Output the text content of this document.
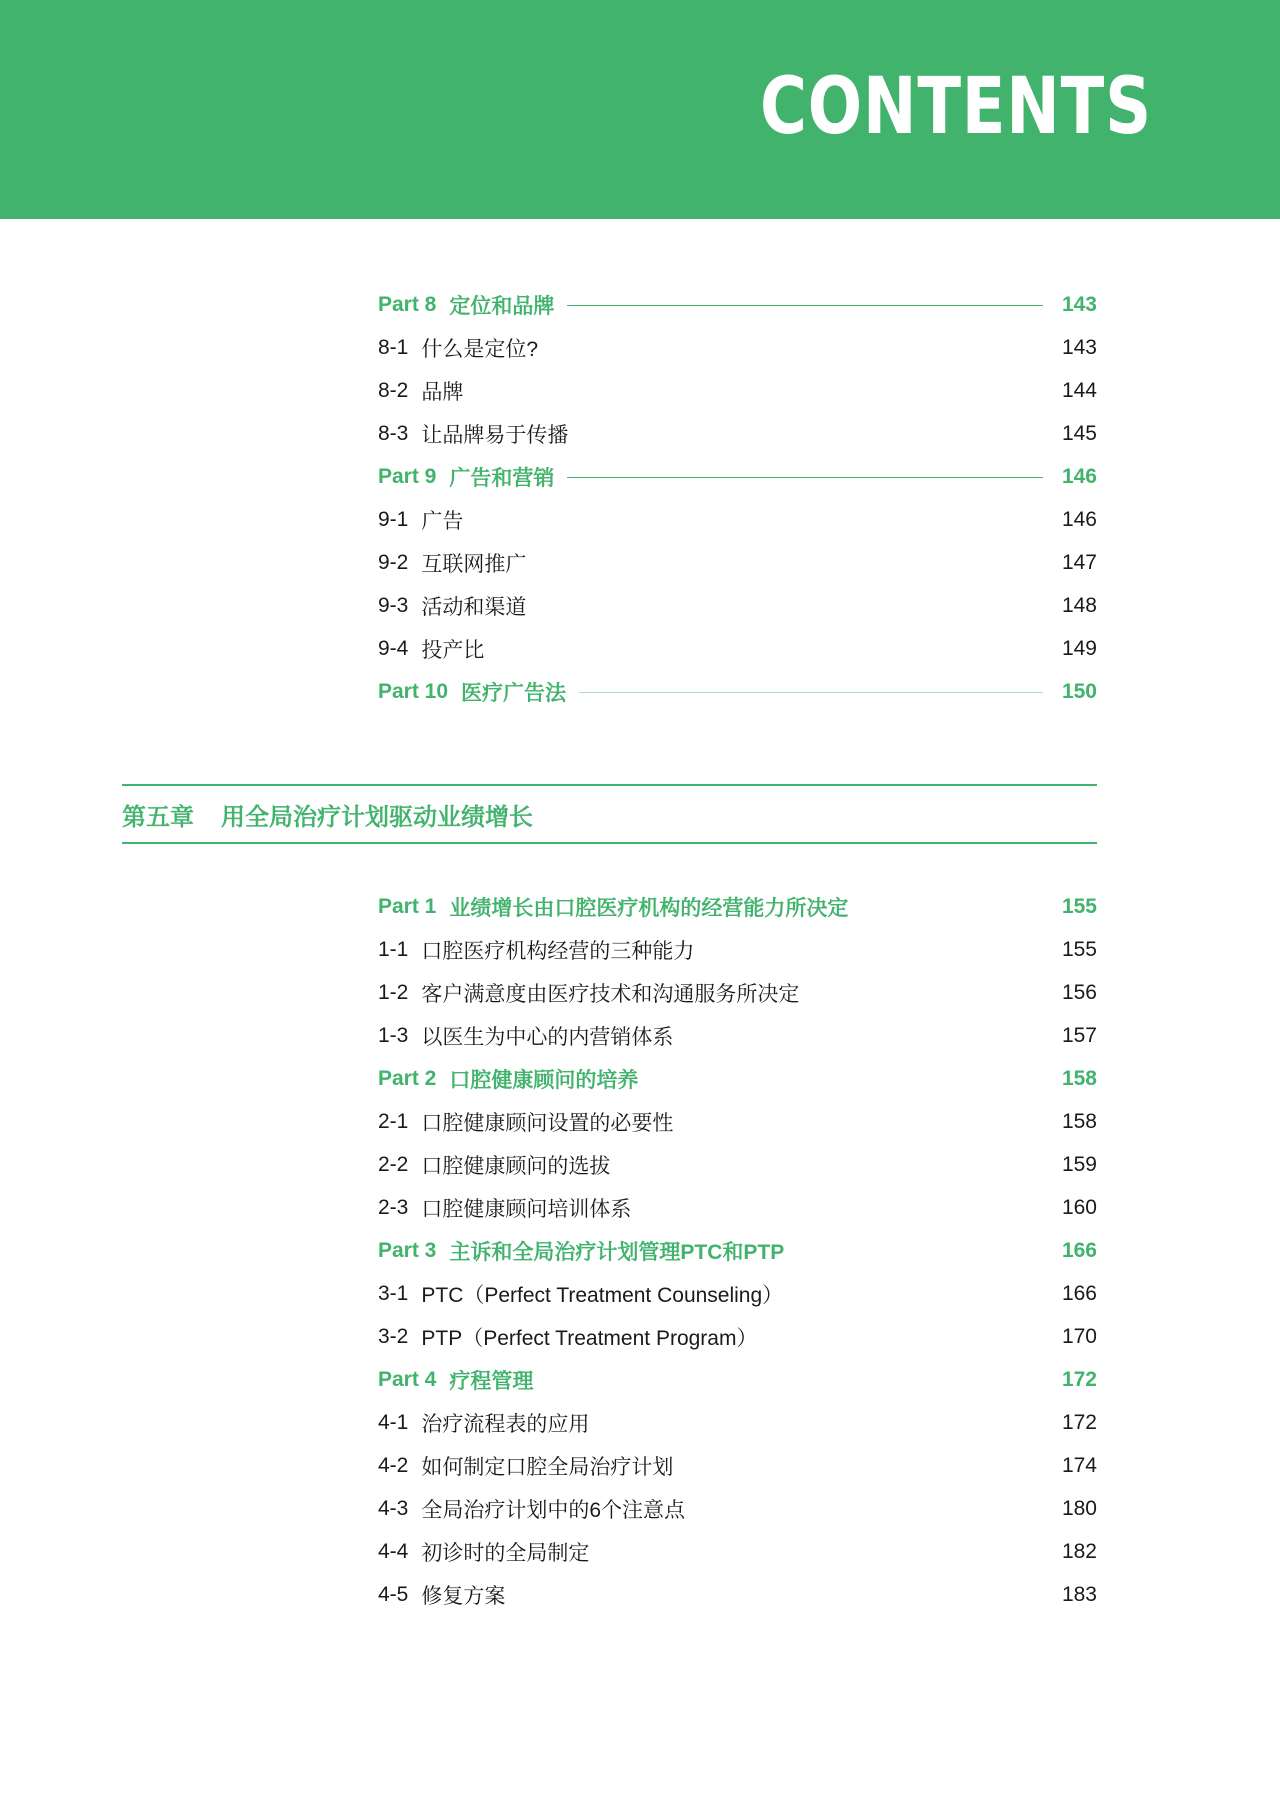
CONTENTS
Part 8 定位和品牌	143
8-1 什么是定位?	143
8-2 品牌	144
8-3 让品牌易于传播	145
Part 9 广告和营销	146
9-1 广告	146
9-2 互联网推广	147
9-3 活动和渠道	148
9-4 投产比	149
Part 10 医疗广告法	150
第五章 用全局治疗计划驱动业绩增长
Part 1 业绩增长由口腔医疗机构的经营能力所决定	155
1-1 口腔医疗机构经营的三种能力	155
1-2 客户满意度由医疗技术和沟通服务所决定	156
1-3 以医生为中心的内营销体系	157
Part 2 口腔健康顾问的培养	158
2-1 口腔健康顾问设置的必要性	158
2-2 口腔健康顾问的选拔	159
2-3 口腔健康顾问培训体系	160
Part 3 主诉和全局治疗计划管理PTC和PTP	166
3-1 PTC（Perfect Treatment Counseling）	166
3-2 PTP（Perfect Treatment Program）	170
Part 4 疗程管理	172
4-1 治疗流程表的应用	172
4-2 如何制定口腔全局治疗计划	174
4-3 全局治疗计划中的6个注意点	180
4-4 初诊时的全局制定	182
4-5 修复方案	183
